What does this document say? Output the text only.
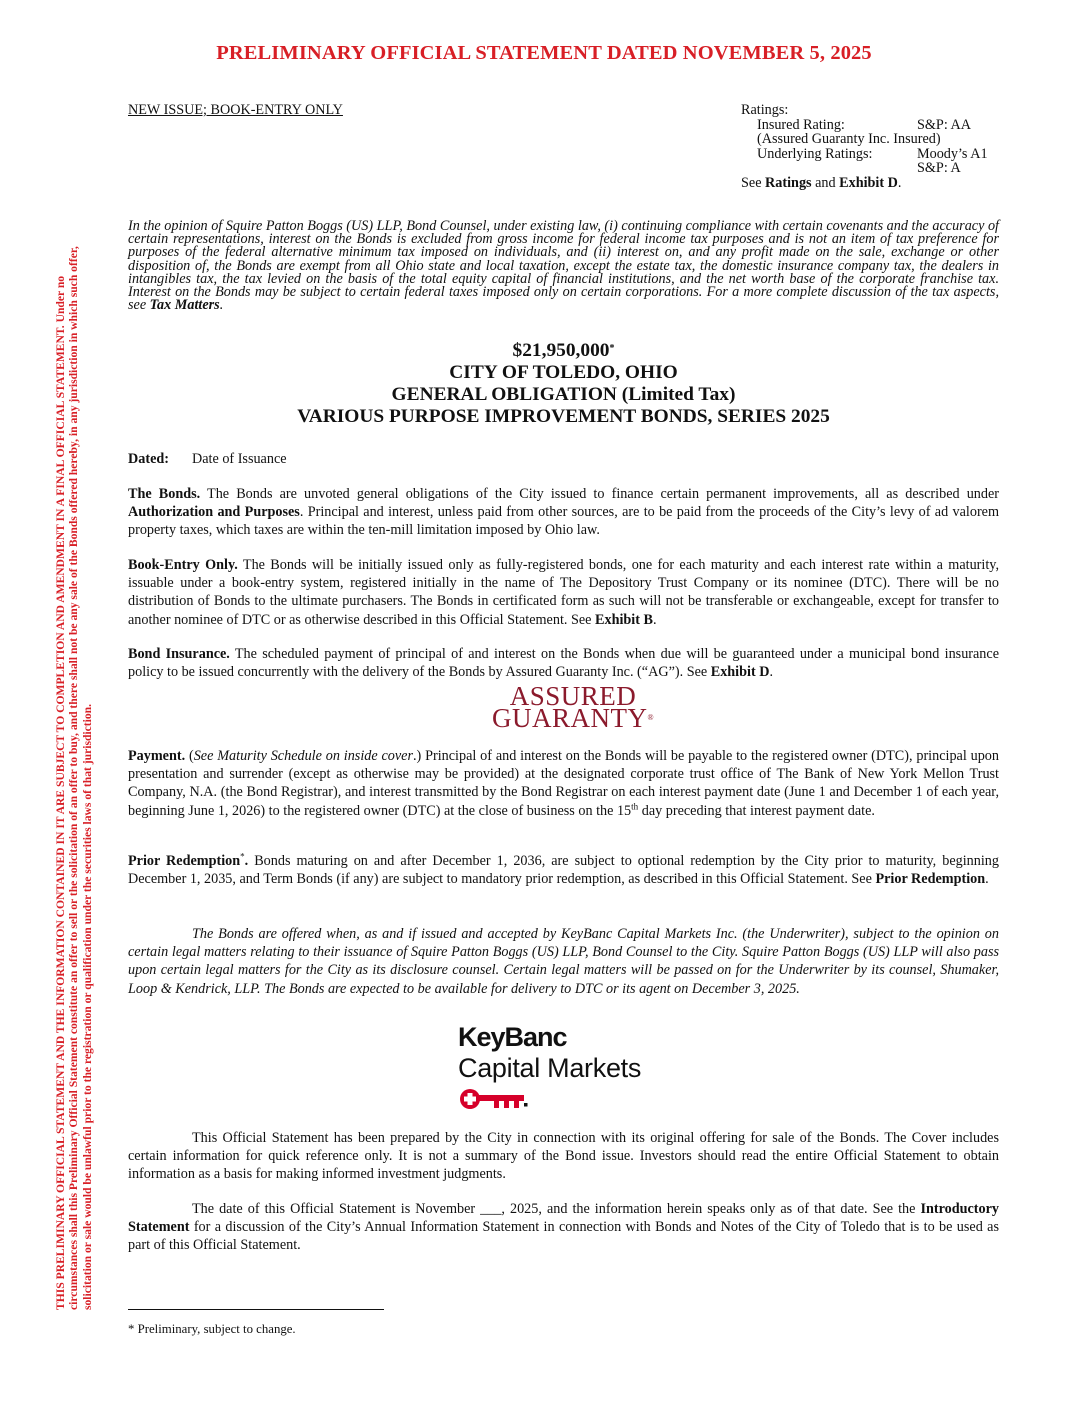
PRELIMINARY OFFICIAL STATEMENT DATED NOVEMBER 5, 2025
THIS PRELIMINARY OFFICIAL STATEMENT AND THE INFORMATION CONTAINED IN IT ARE SUBJECT TO COMPLETION AND AMENDMENT IN A FINAL OFFICIAL STATEMENT. Under no circumstances shall this Preliminary Official Statement constitute an offer to sell or the solicitation of an offer to buy, and there shall not be any sale of the Bonds offered hereby, in any jurisdiction in which such offer, solicitation or sale would be unlawful prior to the registration or qualification under the securities laws of that jurisdiction.
NEW ISSUE; BOOK-ENTRY ONLY	Ratings:
Insured Rating:	S&P: AA
(Assured Guaranty Inc. Insured)
Underlying Ratings:	Moody’s A1
S&P: A
See Ratings and Exhibit D.
In the opinion of Squire Patton Boggs (US) LLP, Bond Counsel, under existing law, (i) continuing compliance with certain covenants and the accuracy of certain representations, interest on the Bonds is excluded from gross income for federal income tax purposes and is not an item of tax preference for purposes of the federal alternative minimum tax imposed on individuals, and (ii) interest on, and any profit made on the sale, exchange or other disposition of, the Bonds are exempt from all Ohio state and local taxation, except the estate tax, the domestic insurance company tax, the dealers in intangibles tax, the tax levied on the basis of the total equity capital of financial institutions, and the net worth base of the corporate franchise tax. Interest on the Bonds may be subject to certain federal taxes imposed only on certain corporations. For a more complete discussion of the tax aspects, see Tax Matters.
$21,950,000*
CITY OF TOLEDO, OHIO
GENERAL OBLIGATION (Limited Tax)
VARIOUS PURPOSE IMPROVEMENT BONDS, SERIES 2025
Dated: Date of Issuance
The Bonds. The Bonds are unvoted general obligations of the City issued to finance certain permanent improvements, all as described under Authorization and Purposes. Principal and interest, unless paid from other sources, are to be paid from the proceeds of the City’s levy of ad valorem property taxes, which taxes are within the ten-mill limitation imposed by Ohio law.
Book-Entry Only. The Bonds will be initially issued only as fully-registered bonds, one for each maturity and each interest rate within a maturity, issuable under a book-entry system, registered initially in the name of The Depository Trust Company or its nominee (DTC). There will be no distribution of Bonds to the ultimate purchasers. The Bonds in certificated form as such will not be transferable or exchangeable, except for transfer to another nominee of DTC or as otherwise described in this Official Statement. See Exhibit B.
Bond Insurance. The scheduled payment of principal of and interest on the Bonds when due will be guaranteed under a municipal bond insurance policy to be issued concurrently with the delivery of the Bonds by Assured Guaranty Inc. (“AG”). See Exhibit D.
ASSURED
GUARANTY®
Payment. (See Maturity Schedule on inside cover.) Principal of and interest on the Bonds will be payable to the registered owner (DTC), principal upon presentation and surrender (except as otherwise may be provided) at the designated corporate trust office of The Bank of New York Mellon Trust Company, N.A. (the Bond Registrar), and interest transmitted by the Bond Registrar on each interest payment date (June 1 and December 1 of each year, beginning June 1, 2026) to the registered owner (DTC) at the close of business on the 15th day preceding that interest payment date.
Prior Redemption*. Bonds maturing on and after December 1, 2036, are subject to optional redemption by the City prior to maturity, beginning December 1, 2035, and Term Bonds (if any) are subject to mandatory prior redemption, as described in this Official Statement. See Prior Redemption.
The Bonds are offered when, as and if issued and accepted by KeyBanc Capital Markets Inc. (the Underwriter), subject to the opinion on certain legal matters relating to their issuance of Squire Patton Boggs (US) LLP, Bond Counsel to the City. Squire Patton Boggs (US) LLP will also pass upon certain legal matters for the City as its disclosure counsel. Certain legal matters will be passed on for the Underwriter by its counsel, Shumaker, Loop & Kendrick, LLP. The Bonds are expected to be available for delivery to DTC or its agent on December 3, 2025.
KeyBanc
Capital Markets
This Official Statement has been prepared by the City in connection with its original offering for sale of the Bonds. The Cover includes certain information for quick reference only. It is not a summary of the Bond issue. Investors should read the entire Official Statement to obtain information as a basis for making informed investment judgments.
The date of this Official Statement is November ___, 2025, and the information herein speaks only as of that date. See the Introductory Statement for a discussion of the City’s Annual Information Statement in connection with Bonds and Notes of the City of Toledo that is to be used as part of this Official Statement.
* Preliminary, subject to change.
